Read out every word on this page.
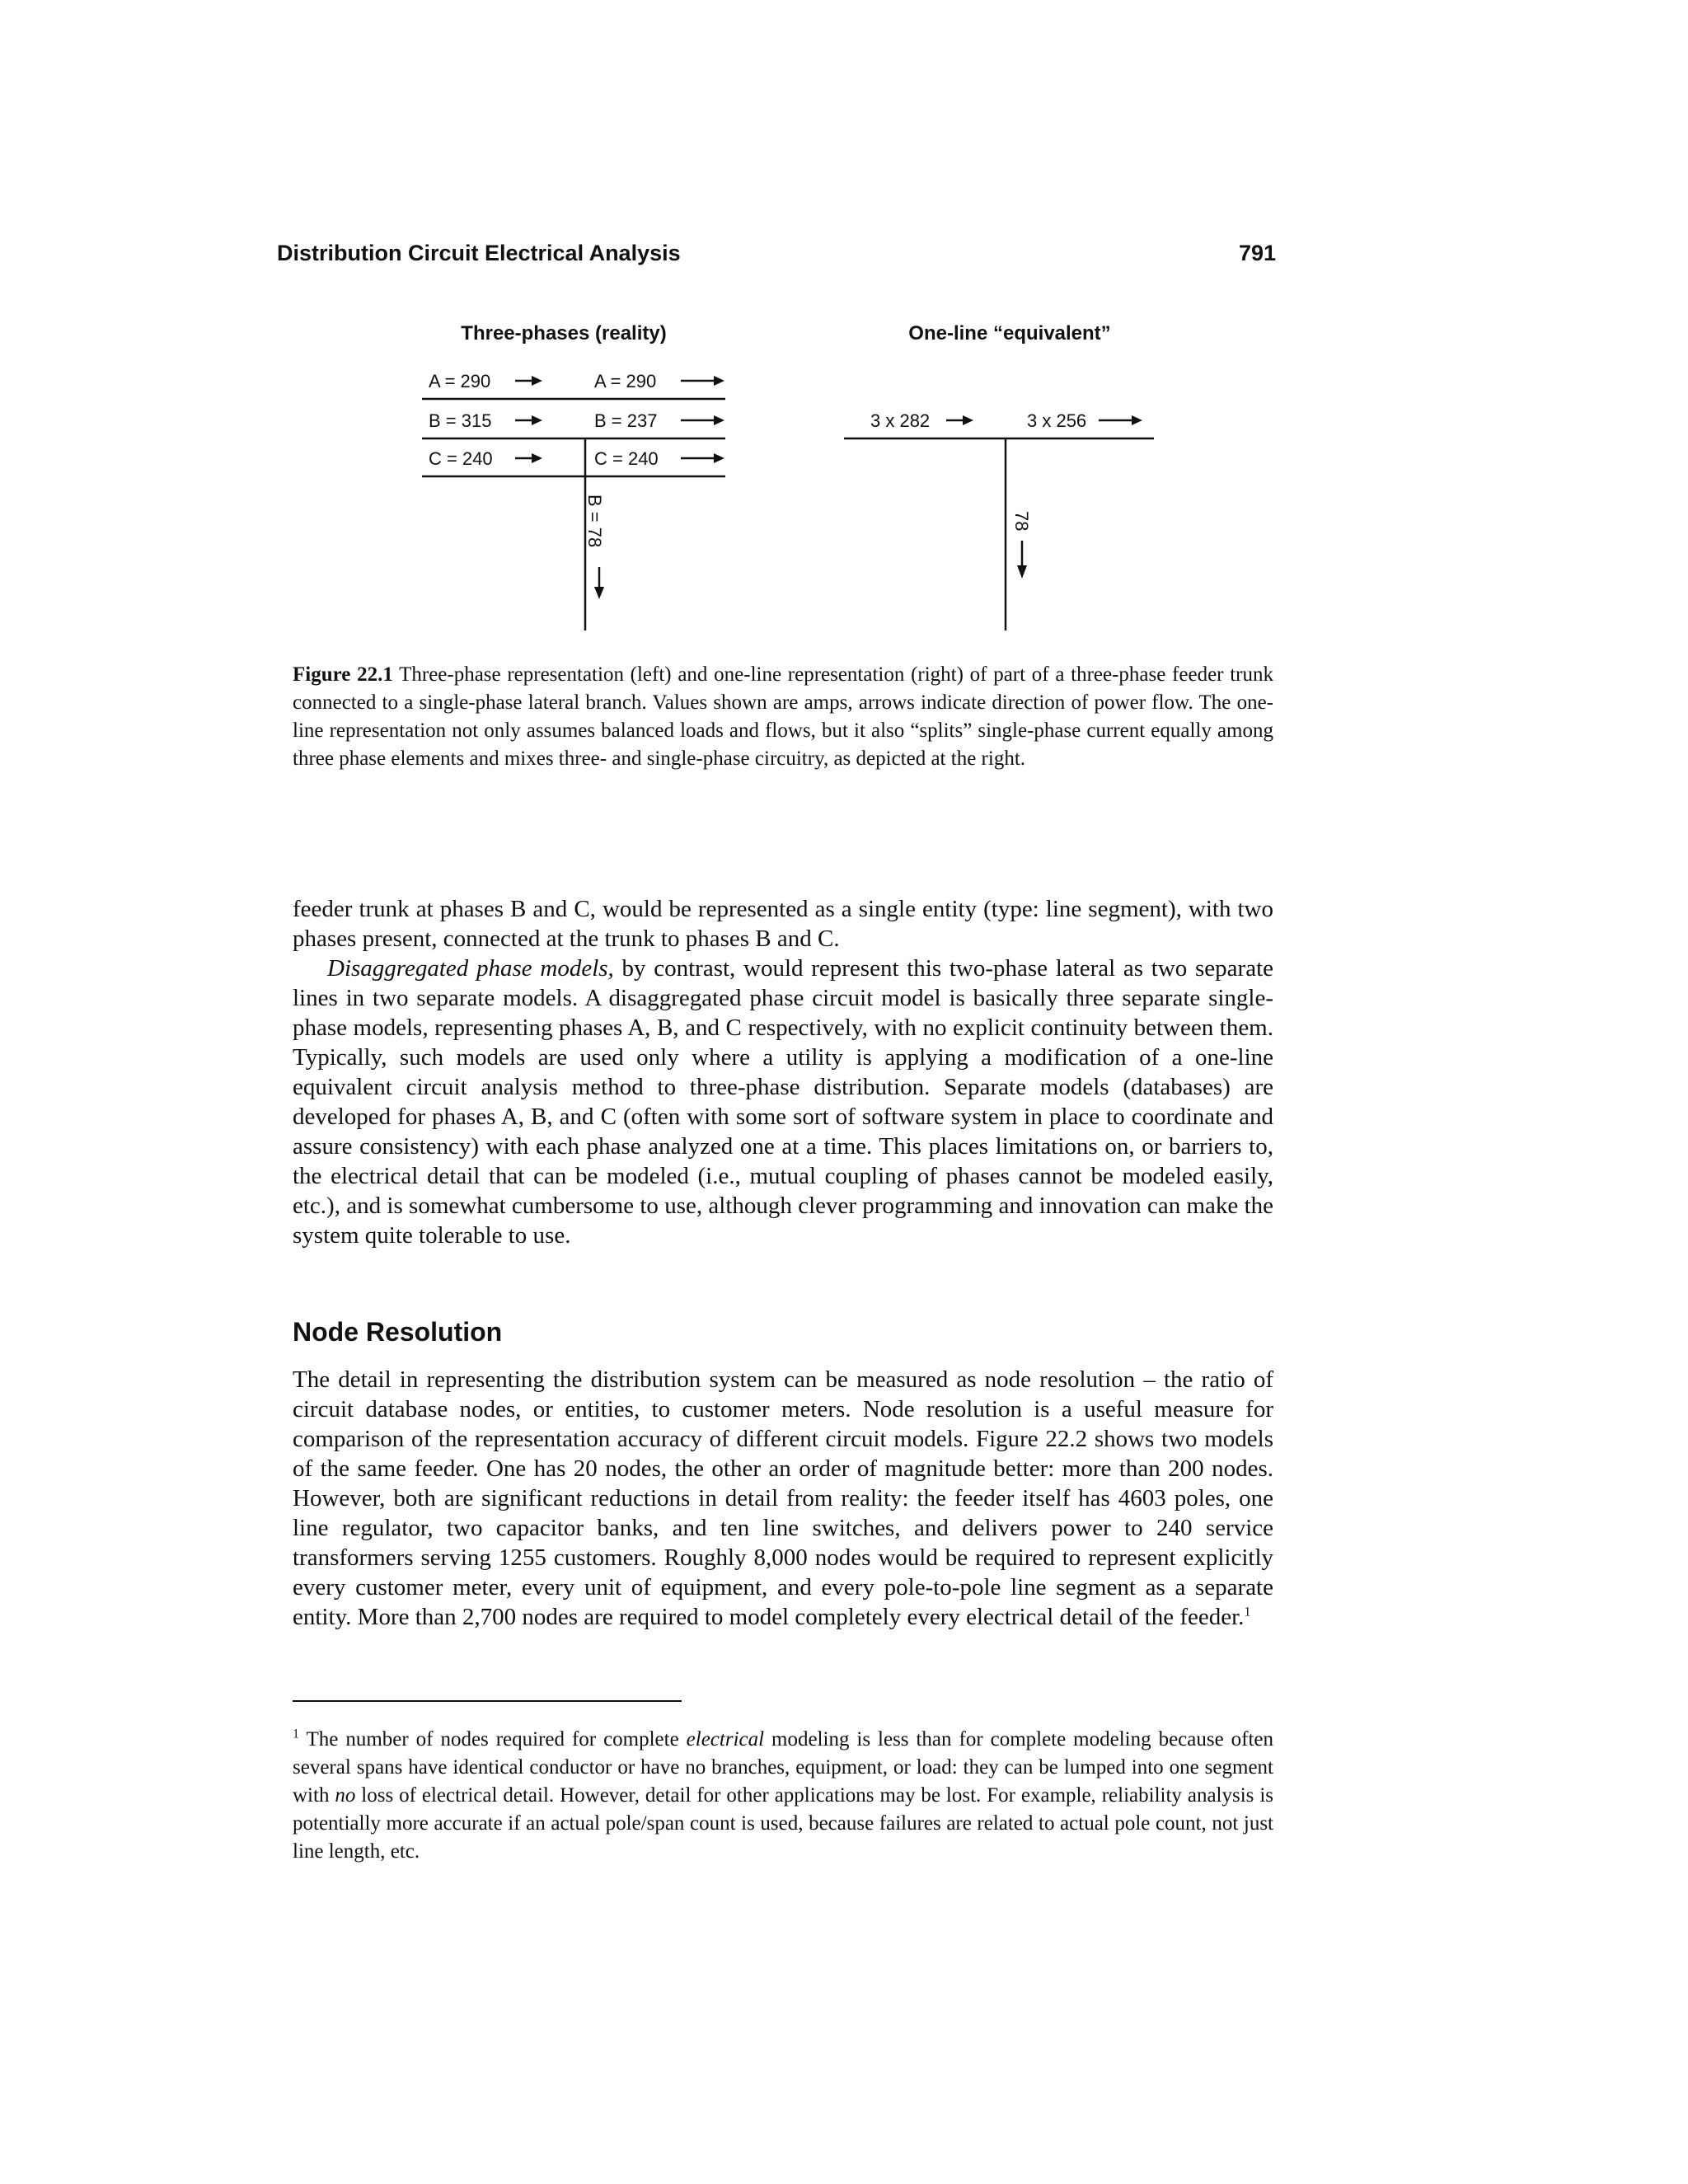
Distribution Circuit Electrical Analysis	791
Three-phases (reality)
A = 290	A = 290
B = 315	B = 237
C = 240	C = 240
B = 78
One-line “equivalent”
3 x 282	3 x 256
78
Figure 22.1 Three-phase representation (left) and one-line representation (right) of part of a three-phase feeder trunk connected to a single-phase lateral branch. Values shown are amps, arrows indicate direction of power flow. The one-line representation not only assumes balanced loads and flows, but it also “splits” single-phase current equally among three phase elements and mixes three- and single-phase circuitry, as depicted at the right.

feeder trunk at phases B and C, would be represented as a single entity (type: line segment), with two phases present, connected at the trunk to phases B and C.

Disaggregated phase models, by contrast, would represent this two-phase lateral as two separate lines in two separate models. A disaggregated phase circuit model is basically three separate single-phase models, representing phases A, B, and C respectively, with no explicit continuity between them. Typically, such models are used only where a utility is applying a modification of a one-line equivalent circuit analysis method to three-phase distribution. Separate models (databases) are developed for phases A, B, and C (often with some sort of software system in place to coordinate and assure consistency) with each phase analyzed one at a time. This places limitations on, or barriers to, the electrical detail that can be modeled (i.e., mutual coupling of phases cannot be modeled easily, etc.), and is somewhat cumbersome to use, although clever programming and innovation can make the system quite tolerable to use.

Node Resolution

The detail in representing the distribution system can be measured as node resolution – the ratio of circuit database nodes, or entities, to customer meters. Node resolution is a useful measure for comparison of the representation accuracy of different circuit models. Figure 22.2 shows two models of the same feeder. One has 20 nodes, the other an order of magnitude better: more than 200 nodes. However, both are significant reductions in detail from reality: the feeder itself has 4603 poles, one line regulator, two capacitor banks, and ten line switches, and delivers power to 240 service transformers serving 1255 customers. Roughly 8,000 nodes would be required to represent explicitly every customer meter, every unit of equipment, and every pole-to-pole line segment as a separate entity. More than 2,700 nodes are required to model completely every electrical detail of the feeder.$^1$

$^1$ The number of nodes required for complete electrical modeling is less than for complete modeling because often several spans have identical conductor or have no branches, equipment, or load: they can be lumped into one segment with no loss of electrical detail. However, detail for other applications may be lost. For example, reliability analysis is potentially more accurate if an actual pole/span count is used, because failures are related to actual pole count, not just line length, etc.
